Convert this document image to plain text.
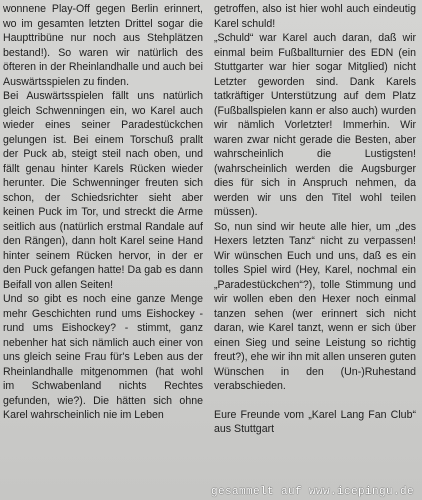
wonnene Play-Off gegen Berlin erinnert, wo im gesamten letzten Drittel sogar die Haupttribüne nur noch aus Stehplätzen bestand!). So waren wir natürlich des öfteren in der Rheinlandhalle und auch bei Auswärtsspielen zu finden.

Bei Auswärtsspielen fällt uns natürlich gleich Schwenningen ein, wo Karel auch wieder eines seiner Paradestückchen gelungen ist. Bei einem Torschuß prallt der Puck ab, steigt steil nach oben, und fällt genau hinter Karels Rücken wieder herunter. Die Schwenninger freuten sich schon, der Schiedsrichter sieht aber keinen Puck im Tor, und streckt die Arme seitlich aus (natürlich erstmal Randale auf den Rängen), dann holt Karel seine Hand hinter seinem Rücken hervor, in der er den Puck gefangen hatte! Da gab es dann Beifall von allen Seiten!

Und so gibt es noch eine ganze Menge mehr Geschichten rund ums Eishockey - rund ums Eishockey? - stimmt, ganz nebenher hat sich nämlich auch einer von uns gleich seine Frau für's Leben aus der Rheinlandhalle mitgenommen (hat wohl im Schwabenland nichts Rechtes gefunden, wie?). Die hätten sich ohne Karel wahrscheinlich nie im Leben

getroffen, also ist hier wohl auch eindeutig Karel schuld!

„Schuld“ war Karel auch daran, daß wir einmal beim Fußballturnier des EDN (ein Stuttgarter war hier sogar Mitglied) nicht Letzter geworden sind. Dank Karels tatkräftiger Unterstützung auf dem Platz (Fußballspielen kann er also auch) wurden wir nämlich Vorletzter! Immerhin. Wir waren zwar nicht gerade die Besten, aber wahrscheinlich die Lustigsten! (wahrscheinlich werden die Augsburger dies für sich in Anspruch nehmen, da werden wir uns den Titel wohl teilen müssen).

So, nun sind wir heute alle hier, um „des Hexers letzten Tanz“ nicht zu verpassen! Wir wünschen Euch und uns, daß es ein tolles Spiel wird (Hey, Karel, nochmal ein „Paradestückchen“?), tolle Stimmung und wir wollen eben den Hexer noch einmal tanzen sehen (wer erinnert sich nicht daran, wie Karel tanzt, wenn er sich über einen Sieg und seine Leistung so richtig freut?), ehe wir ihn mit allen unseren guten Wünschen in den (Un-)Ruhestand verabschieden.

Eure Freunde vom „Karel Lang Fan Club“ aus Stuttgart

gesammelt auf www.icepingu.de
